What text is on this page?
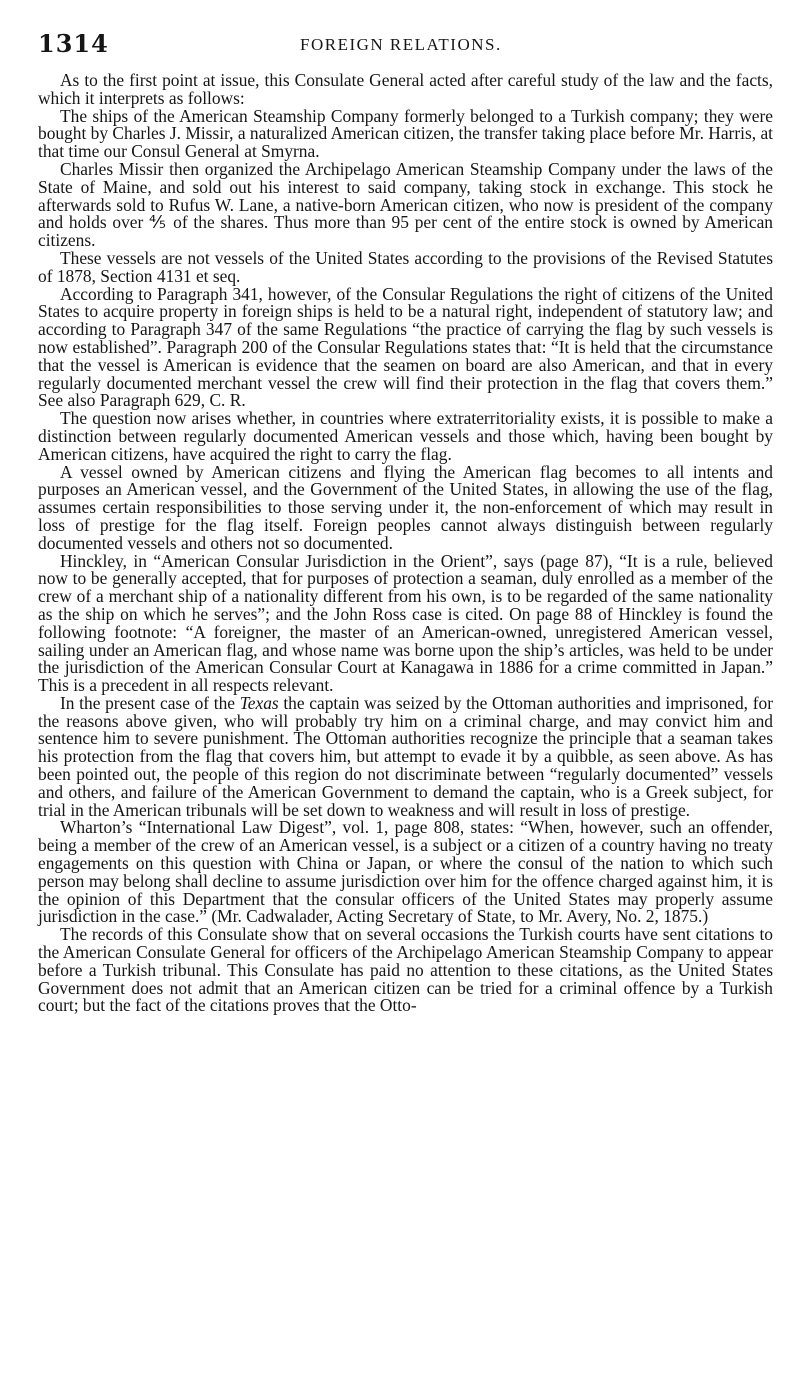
1314	FOREIGN RELATIONS.

As to the first point at issue, this Consulate General acted after careful study of the law and the facts, which it interprets as follows:

The ships of the American Steamship Company formerly belonged to a Turkish company; they were bought by Charles J. Missir, a naturalized American citizen, the transfer taking place before Mr. Harris, at that time our Consul General at Smyrna.

Charles Missir then organized the Archipelago American Steamship Company under the laws of the State of Maine, and sold out his interest to said company, taking stock in exchange. This stock he afterwards sold to Rufus W. Lane, a native-born American citizen, who now is president of the company and holds over ⅘ of the shares. Thus more than 95 per cent of the entire stock is owned by American citizens.

These vessels are not vessels of the United States according to the provisions of the Revised Statutes of 1878, Section 4131 et seq.

According to Paragraph 341, however, of the Consular Regulations the right of citizens of the United States to acquire property in foreign ships is held to be a natural right, independent of statutory law; and according to Paragraph 347 of the same Regulations “the practice of carrying the flag by such vessels is now established”. Paragraph 200 of the Consular Regulations states that: “It is held that the circumstance that the vessel is American is evidence that the seamen on board are also American, and that in every regularly documented merchant vessel the crew will find their protection in the flag that covers them.” See also Paragraph 629, C. R.

The question now arises whether, in countries where extraterritoriality exists, it is possible to make a distinction between regularly documented American vessels and those which, having been bought by American citizens, have acquired the right to carry the flag.

A vessel owned by American citizens and flying the American flag becomes to all intents and purposes an American vessel, and the Government of the United States, in allowing the use of the flag, assumes certain responsibilities to those serving under it, the non-enforcement of which may result in loss of prestige for the flag itself. Foreign peoples cannot always distinguish between regularly documented vessels and others not so documented.

Hinckley, in “American Consular Jurisdiction in the Orient”, says (page 87), “It is a rule, believed now to be generally accepted, that for purposes of protection a seaman, duly enrolled as a member of the crew of a merchant ship of a nationality different from his own, is to be regarded of the same nationality as the ship on which he serves”; and the John Ross case is cited. On page 88 of Hinckley is found the following footnote: “A foreigner, the master of an American-owned, unregistered American vessel, sailing under an American flag, and whose name was borne upon the ship’s articles, was held to be under the jurisdiction of the American Consular Court at Kanagawa in 1886 for a crime committed in Japan.” This is a precedent in all respects relevant.

In the present case of the Texas the captain was seized by the Ottoman authorities and imprisoned, for the reasons above given, who will probably try him on a criminal charge, and may convict him and sentence him to severe punishment. The Ottoman authorities recognize the principle that a seaman takes his protection from the flag that covers him, but attempt to evade it by a quibble, as seen above. As has been pointed out, the people of this region do not discriminate between “regularly documented” vessels and others, and failure of the American Government to demand the captain, who is a Greek subject, for trial in the American tribunals will be set down to weakness and will result in loss of prestige.

Wharton’s “International Law Digest”, vol. 1, page 808, states: “When, however, such an offender, being a member of the crew of an American vessel, is a subject or a citizen of a country having no treaty engagements on this question with China or Japan, or where the consul of the nation to which such person may belong shall decline to assume jurisdiction over him for the offence charged against him, it is the opinion of this Department that the consular officers of the United States may properly assume jurisdiction in the case.” (Mr. Cadwalader, Acting Secretary of State, to Mr. Avery, No. 2, 1875.)

The records of this Consulate show that on several occasions the Turkish courts have sent citations to the American Consulate General for officers of the Archipelago American Steamship Company to appear before a Turkish tribunal. This Consulate has paid no attention to these citations, as the United States Government does not admit that an American citizen can be tried for a criminal offence by a Turkish court; but the fact of the citations proves that the Otto-
